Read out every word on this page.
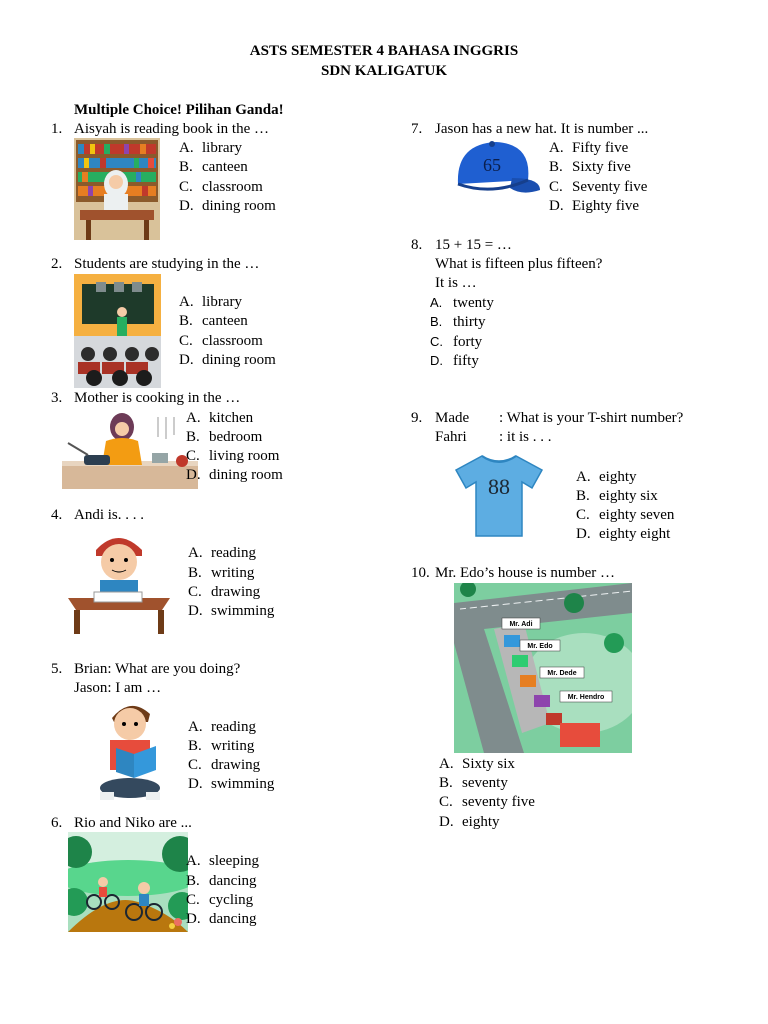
ASTS SEMESTER 4 BAHASA INGGRIS
SDN KALIGATUK
Multiple Choice! Pilihan Ganda!
1. Aisyah is reading book in the …
A. library
B. canteen
C. classroom
D. dining room
2. Students are studying in the …
A. library
B. canteen
C. classroom
D. dining room
3. Mother is cooking in the …
A. kitchen
B. bedroom
C. living room
D. dining room
4. Andi is. . . .
A. reading
B. writing
C. drawing
D. swimming
5. Brian: What are you doing?
Jason: I am …
A. reading
B. writing
C. drawing
D. swimming
6. Rio and Niko are ...
A. sleeping
B. dancing
C. cycling
D. dancing
7. Jason has a new hat. It is number ...
65
A. Fifty five
B. Sixty five
C. Seventy five
D. Eighty five
8. 15 + 15 = …
What is fifteen plus fifteen?
It is …
A. twenty
B. thirty
C. forty
D. fifty
9. Made : What is your T-shirt number?
Fahri : it is . . .
88	A. eighty
B. eighty six
C. eighty seven
D. eighty eight
10. Mr. Edo’s house is number …
Mr. Adi
Mr. Edo
Mr. Dede
Mr. Hendro
A. Sixty six
B. seventy
C. seventy five
D. eighty
